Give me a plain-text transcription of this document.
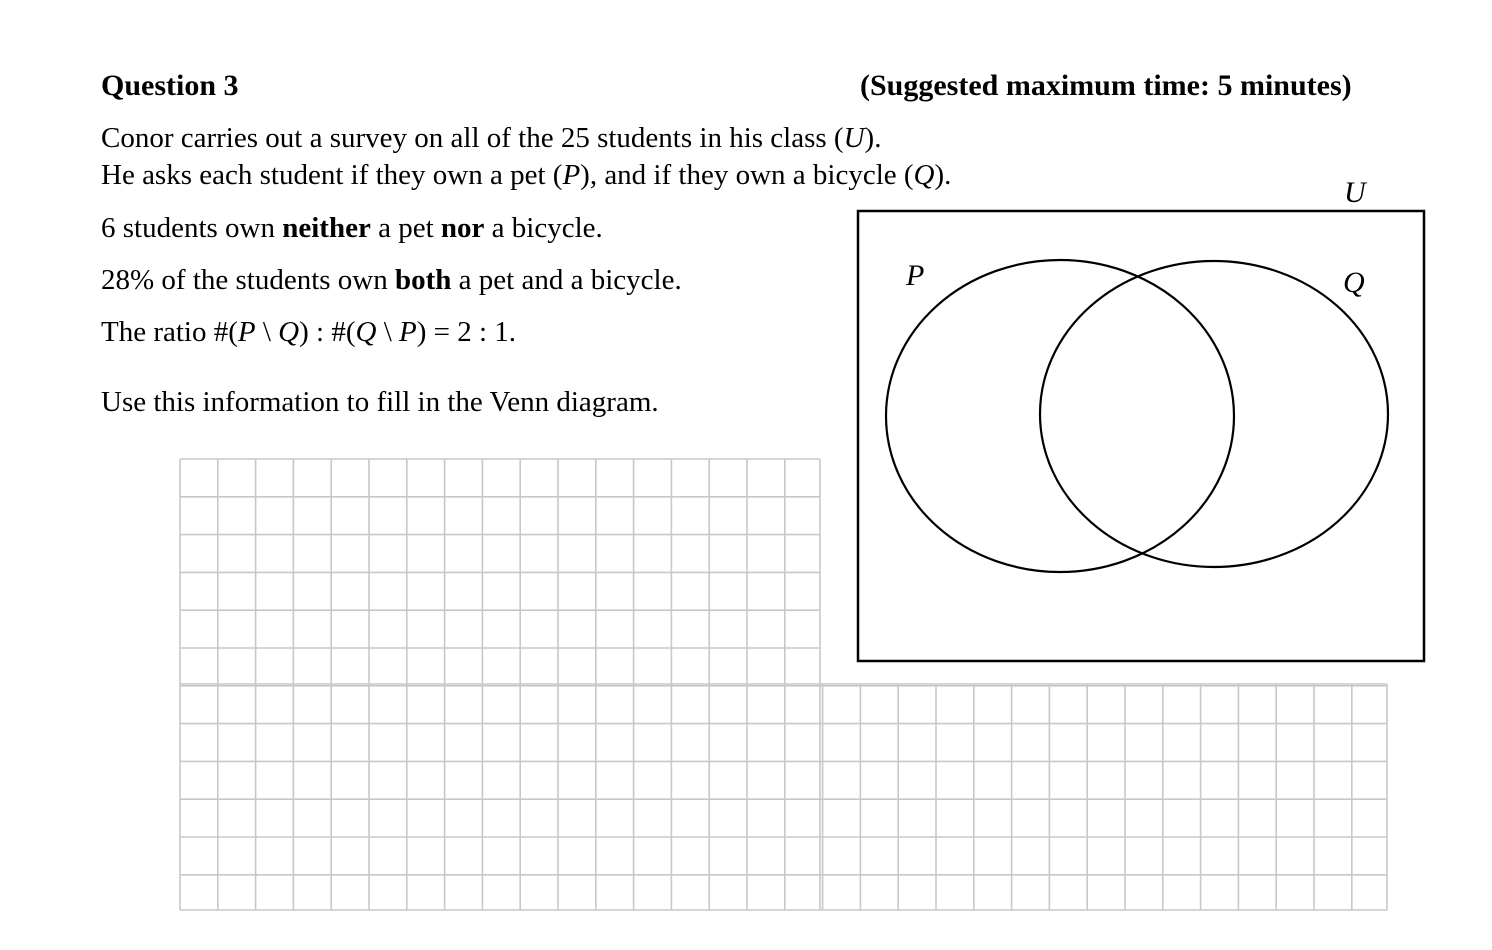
Question 3	(Suggested maximum time: 5 minutes)
Conor carries out a survey on all of the 25 students in his class (U).
He asks each student if they own a pet (P), and if they own a bicycle (Q).
6 students own neither a pet nor a bicycle.
28% of the students own both a pet and a bicycle.
The ratio #(P \ Q) : #(Q \ P) = 2 : 1.
Use this information to fill in the Venn diagram.
U
P	Q
